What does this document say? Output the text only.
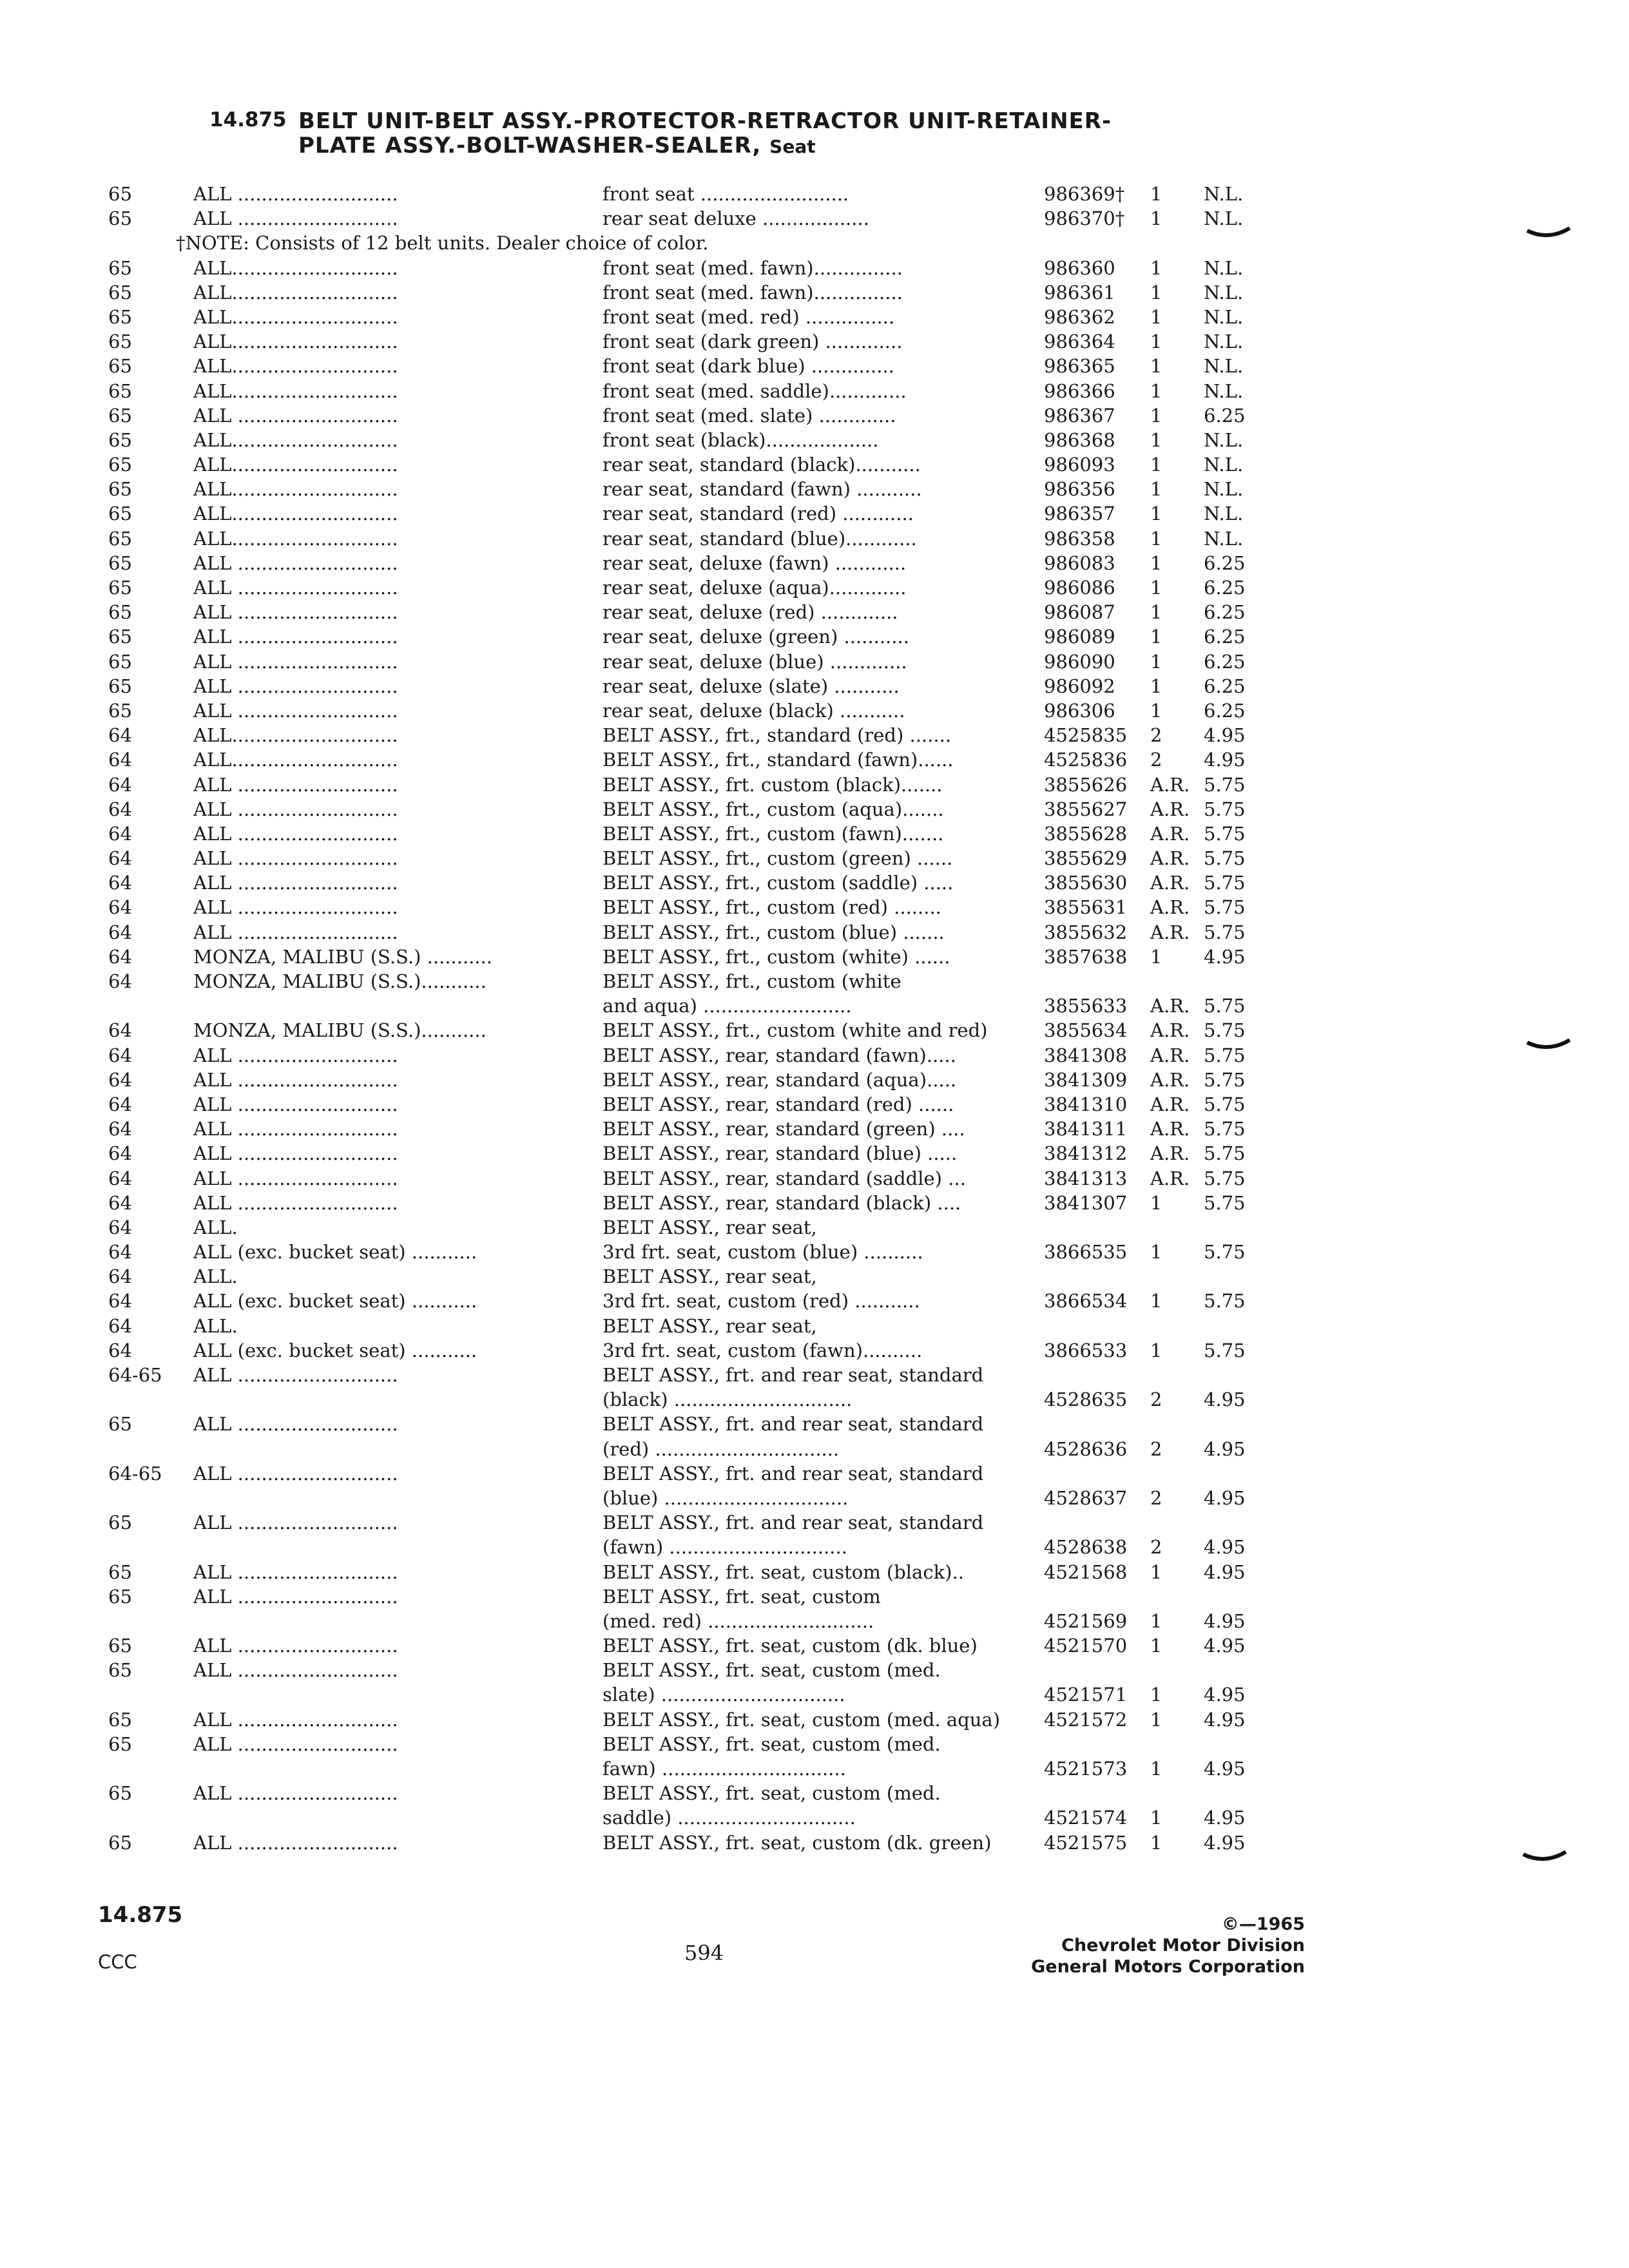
14.875 BELT UNIT-BELT ASSY.-PROTECTOR-RETRACTOR UNIT-RETAINER-
PLATE ASSY.-BOLT-WASHER-SEALER, Seat
65	ALL ...........................	front seat .........................	986369† 1 N.L.
65	ALL ...........................	rear seat deluxe ..................	986370† 1 N.L.
†NOTE: Consists of 12 belt units. Dealer choice of color.
65	ALL............................	front seat (med. fawn)...............	986360 1 N.L.
65	ALL............................	front seat (med. fawn)...............	986361 1 N.L.
65	ALL............................	front seat (med. red) ...............	986362 1 N.L.
65	ALL............................	front seat (dark green) .............	986364 1 N.L.
65	ALL............................	front seat (dark blue) ..............	986365 1 N.L.
65	ALL............................	front seat (med. saddle).............	986366 1 N.L.
65	ALL ...........................	front seat (med. slate) .............	986367 1 6.25
65	ALL............................	front seat (black)...................	986368 1 N.L.
65	ALL............................	rear seat, standard (black)...........	986093 1 N.L.
65	ALL............................	rear seat, standard (fawn) ...........	986356 1 N.L.
65	ALL............................	rear seat, standard (red) ............	986357 1 N.L.
65	ALL............................	rear seat, standard (blue)............	986358 1 N.L.
65	ALL ...........................	rear seat, deluxe (fawn) ............	986083 1 6.25
65	ALL ...........................	rear seat, deluxe (aqua).............	986086 1 6.25
65	ALL ...........................	rear seat, deluxe (red) .............	986087 1 6.25
65	ALL ...........................	rear seat, deluxe (green) ...........	986089 1 6.25
65	ALL ...........................	rear seat, deluxe (blue) .............	986090 1 6.25
65	ALL ...........................	rear seat, deluxe (slate) ...........	986092 1 6.25
65	ALL ...........................	rear seat, deluxe (black) ...........	986306 1 6.25
64	ALL............................	BELT ASSY., frt., standard (red) .......	4525835 2 4.95
64	ALL............................	BELT ASSY., frt., standard (fawn)......	4525836 2 4.95
64	ALL ...........................	BELT ASSY., frt. custom (black).......	3855626 A.R. 5.75
64	ALL ...........................	BELT ASSY., frt., custom (aqua).......	3855627 A.R. 5.75
64	ALL ...........................	BELT ASSY., frt., custom (fawn).......	3855628 A.R. 5.75
64	ALL ...........................	BELT ASSY., frt., custom (green) ......	3855629 A.R. 5.75
64	ALL ...........................	BELT ASSY., frt., custom (saddle) .....	3855630 A.R. 5.75
64	ALL ...........................	BELT ASSY., frt., custom (red) ........	3855631 A.R. 5.75
64	ALL ...........................	BELT ASSY., frt., custom (blue) .......	3855632 A.R. 5.75
64	MONZA, MALIBU (S.S.) ...........	BELT ASSY., frt., custom (white) ......	3857638 1 4.95
64	MONZA, MALIBU (S.S.)...........	BELT ASSY., frt., custom (white
and aqua) .........................	3855633 A.R. 5.75
64	MONZA, MALIBU (S.S.)...........	BELT ASSY., frt., custom (white and red)	3855634 A.R. 5.75
64	ALL ...........................	BELT ASSY., rear, standard (fawn).....	3841308 A.R. 5.75
64	ALL ...........................	BELT ASSY., rear, standard (aqua).....	3841309 A.R. 5.75
64	ALL ...........................	BELT ASSY., rear, standard (red) ......	3841310 A.R. 5.75
64	ALL ...........................	BELT ASSY., rear, standard (green) ....	3841311 A.R. 5.75
64	ALL ...........................	BELT ASSY., rear, standard (blue) .....	3841312 A.R. 5.75
64	ALL ...........................	BELT ASSY., rear, standard (saddle) ...	3841313 A.R. 5.75
64	ALL ...........................	BELT ASSY., rear, standard (black) ....	3841307 1 5.75
64	ALL.	BELT ASSY., rear seat,
64	ALL (exc. bucket seat) ...........	3rd frt. seat, custom (blue) ..........	3866535 1 5.75
64	ALL.	BELT ASSY., rear seat,
64	ALL (exc. bucket seat) ...........	3rd frt. seat, custom (red) ...........	3866534 1 5.75
64	ALL.	BELT ASSY., rear seat,
64	ALL (exc. bucket seat) ...........	3rd frt. seat, custom (fawn)..........	3866533 1 5.75
64-65 ALL ...........................	BELT ASSY., frt. and rear seat, standard
(black) ..............................	4528635 2 4.95
65	ALL ...........................	BELT ASSY., frt. and rear seat, standard
(red) ...............................	4528636 2 4.95
64-65 ALL ...........................	BELT ASSY., frt. and rear seat, standard
(blue) ...............................	4528637 2 4.95
65	ALL ...........................	BELT ASSY., frt. and rear seat, standard
(fawn) ..............................	4528638 2 4.95
65	ALL ...........................	BELT ASSY., frt. seat, custom (black)..	4521568 1 4.95
65	ALL ...........................	BELT ASSY., frt. seat, custom
(med. red) ............................	4521569 1 4.95
65	ALL ...........................	BELT ASSY., frt. seat, custom (dk. blue)	4521570 1 4.95
65	ALL ...........................	BELT ASSY., frt. seat, custom (med.
slate) ...............................	4521571 1 4.95
65	ALL ...........................	BELT ASSY., frt. seat, custom (med. aqua)	4521572 1 4.95
65	ALL ...........................	BELT ASSY., frt. seat, custom (med.
fawn) ...............................	4521573 1 4.95
65	ALL ...........................	BELT ASSY., frt. seat, custom (med.
saddle) ..............................	4521574 1 4.95
65	ALL ...........................	BELT ASSY., frt. seat, custom (dk. green)	4521575 1 4.95
14.875
CCC	594
©—1965
Chevrolet Motor Division
General Motors Corporation
